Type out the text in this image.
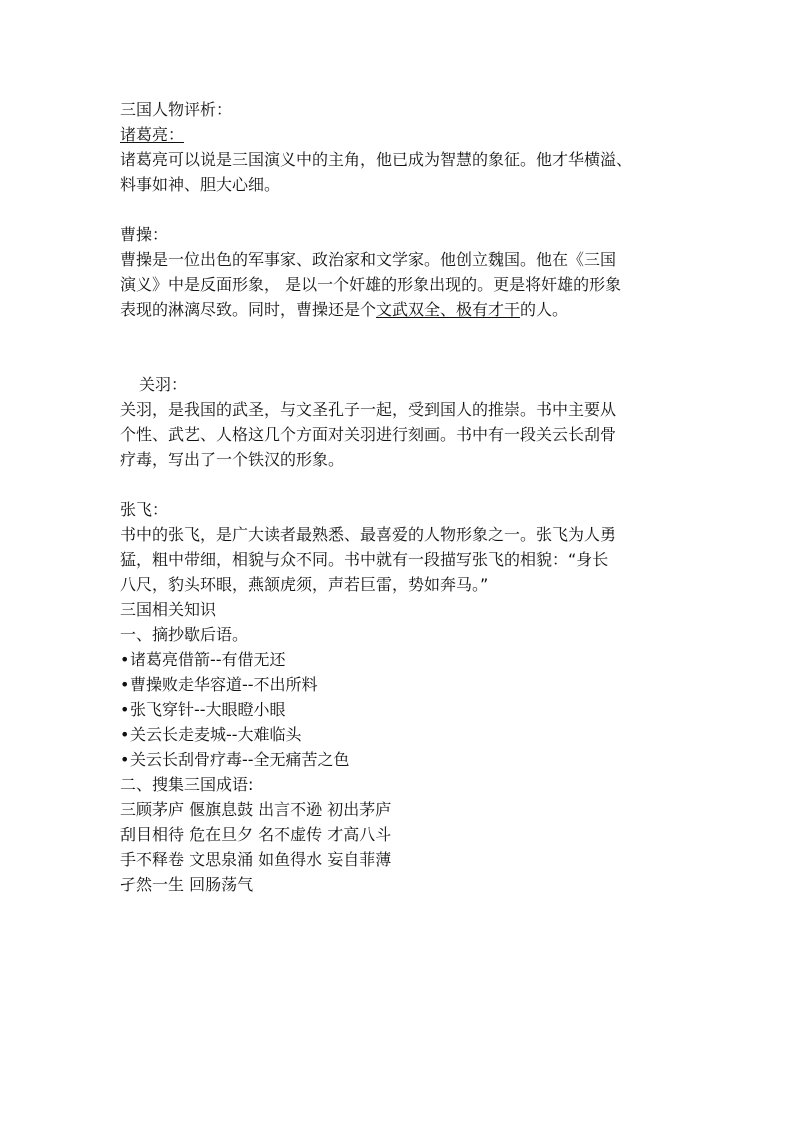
三国人物评析：
诸葛亮：
诸葛亮可以说是三国演义中的主角，他已成为智慧的象征。他才华横溢、
料事如神、胆大心细。
曹操：
曹操是一位出色的军事家、政治家和文学家。他创立魏国。他在《三国
演义》中是反面形象， 是以一个奸雄的形象出现的。更是将奸雄的形象
表现的淋漓尽致。同时，曹操还是个文武双全、极有才干的人。
关羽：
关羽，是我国的武圣，与文圣孔子一起，受到国人的推崇。书中主要从
个性、武艺、人格这几个方面对关羽进行刻画。书中有一段关云长刮骨
疗毒，写出了一个铁汉的形象。
张飞：
书中的张飞，是广大读者最熟悉、最喜爱的人物形象之一。张飞为人勇
猛，粗中带细，相貌与众不同。书中就有一段描写张飞的相貌：“身长
八尺，豹头环眼，燕颔虎须，声若巨雷，势如奔马。”
三国相关知识
一、摘抄歇后语。
•诸葛亮借箭--有借无还
•曹操败走华容道--不出所料
•张飞穿针--大眼瞪小眼
•关云长走麦城--大难临头
•关云长刮骨疗毒--全无痛苦之色
二、搜集三国成语:
三顾茅庐 偃旗息鼓 出言不逊 初出茅庐
刮目相待 危在旦夕 名不虚传 才高八斗
手不释卷 文思泉涌 如鱼得水 妄自菲薄
孑然一生 回肠荡气
